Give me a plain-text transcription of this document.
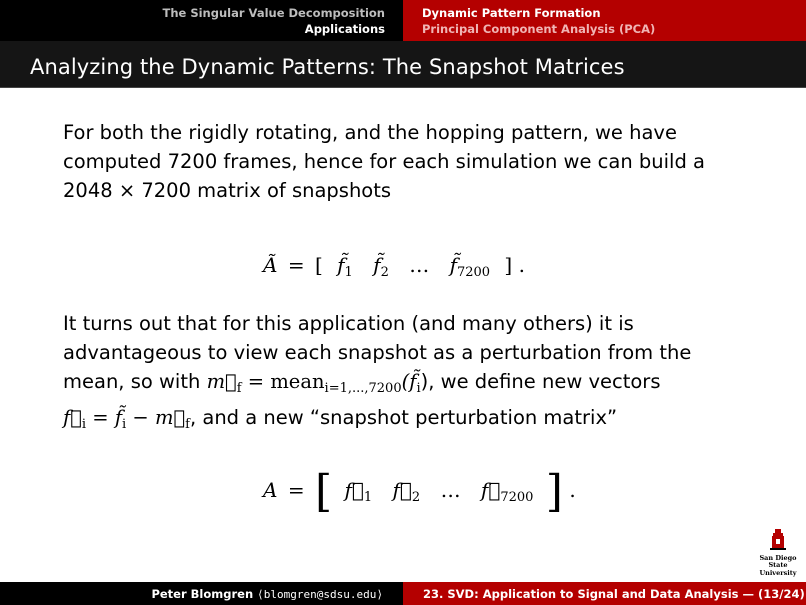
The Singular Value Decomposition
Applications
Dynamic Pattern Formation
Principal Component Analysis (PCA)
Analyzing the Dynamic Patterns: The Snapshot Matrices

For both the rigidly rotating, and the hopping pattern, we have computed 7200 frames, hence for each simulation we can build a 2048 × 7200 matrix of snapshots

Ã = [ $f̃_1$ $f̃_2$ … $f̃_{7200}$ ] .
It turns out that for this application (and many others) it is
advantageous to view each snapshot as a perturbation from the
mean, so with $m⃗_f$ = $mean_{i=1,...,7200}(f̃_i)$, we define new vectors
$f⃗_i$ = $f̃_i$ − $m⃗_f$, and a new “snapshot perturbation matrix”
A = [ $f⃗_1$ $f⃗_2$ … $f⃗_{7200}$ ] .
San Diego State
University
Peter Blomgren ⟨blomgren@sdsu.edu⟩	23. SVD: Application to Signal and Data Analysis — (13/24)
